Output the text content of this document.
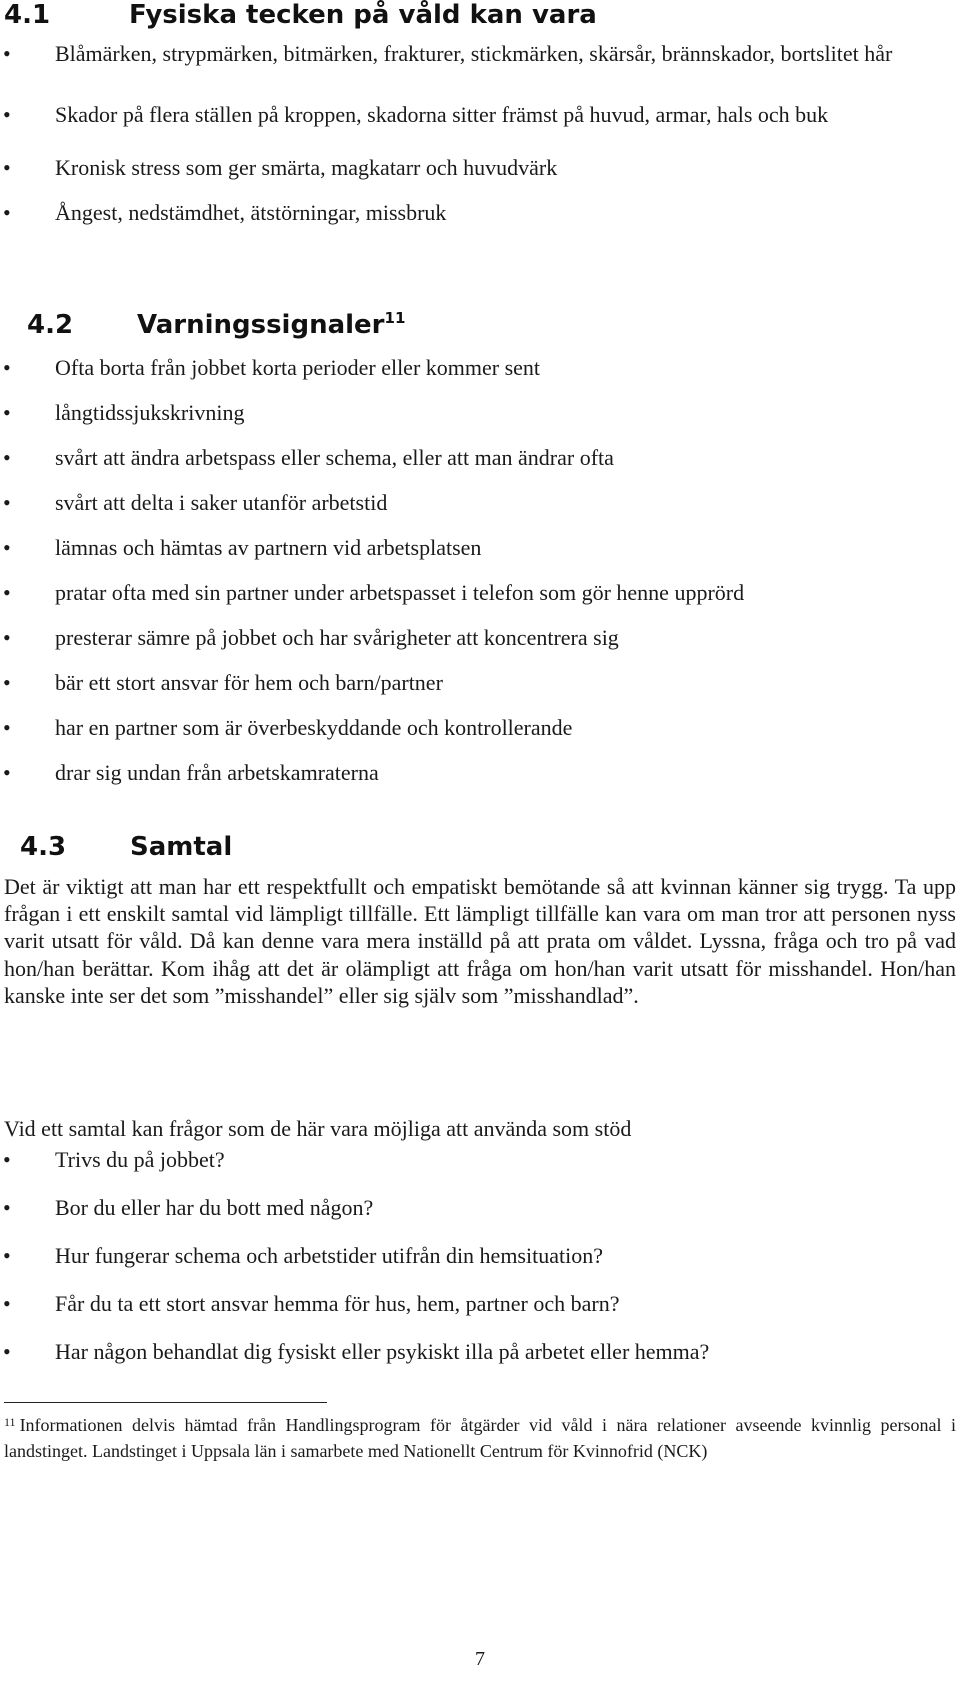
4.1	Fysiska tecken på våld kan vara
• Blåmärken, strypmärken, bitmärken, frakturer, stickmärken, skärsår, brännskador, bortslitet hår
• Skador på flera ställen på kroppen, skadorna sitter främst på huvud, armar, hals och buk
• Kronisk stress som ger smärta, magkatarr och huvudvärk
• Ångest, nedstämdhet, ätstörningar, missbruk
4.2 Varningssignaler$^{11}$
• Ofta borta från jobbet korta perioder eller kommer sent
• långtidssjukskrivning
• svårt att ändra arbetspass eller schema, eller att man ändrar ofta
• svårt att delta i saker utanför arbetstid
• lämnas och hämtas av partnern vid arbetsplatsen
• pratar ofta med sin partner under arbetspasset i telefon som gör henne upprörd
• presterar sämre på jobbet och har svårigheter att koncentrera sig
• bär ett stort ansvar för hem och barn/partner
• har en partner som är överbeskyddande och kontrollerande
• drar sig undan från arbetskamraterna
4.3 Samtal

Det är viktigt att man har ett respektfullt och empatiskt bemötande så att kvinnan känner sig trygg. Ta upp frågan i ett enskilt samtal vid lämpligt tillfälle. Ett lämpligt tillfälle kan vara om man tror att personen nyss varit utsatt för våld. Då kan denne vara mera inställd på att prata om våldet. Lyssna, fråga och tro på vad hon/han berättar. Kom ihåg att det är olämpligt att fråga om hon/han varit utsatt för misshandel. Hon/han kanske inte ser det som ”misshandel” eller sig själv som ”misshandlad”.

Vid ett samtal kan frågor som de här vara möjliga att använda som stöd

• Trivs du på jobbet?
• Bor du eller har du bott med någon?
• Hur fungerar schema och arbetstider utifrån din hemsituation?
• Får du ta ett stort ansvar hemma för hus, hem, partner och barn?
• Har någon behandlat dig fysiskt eller psykiskt illa på arbetet eller hemma?

$^{11}$ Informationen delvis hämtad från Handlingsprogram för åtgärder vid våld i nära relationer avseende kvinnlig personal i landstinget. Landstinget i Uppsala län i samarbete med Nationellt Centrum för Kvinnofrid (NCK)

7
